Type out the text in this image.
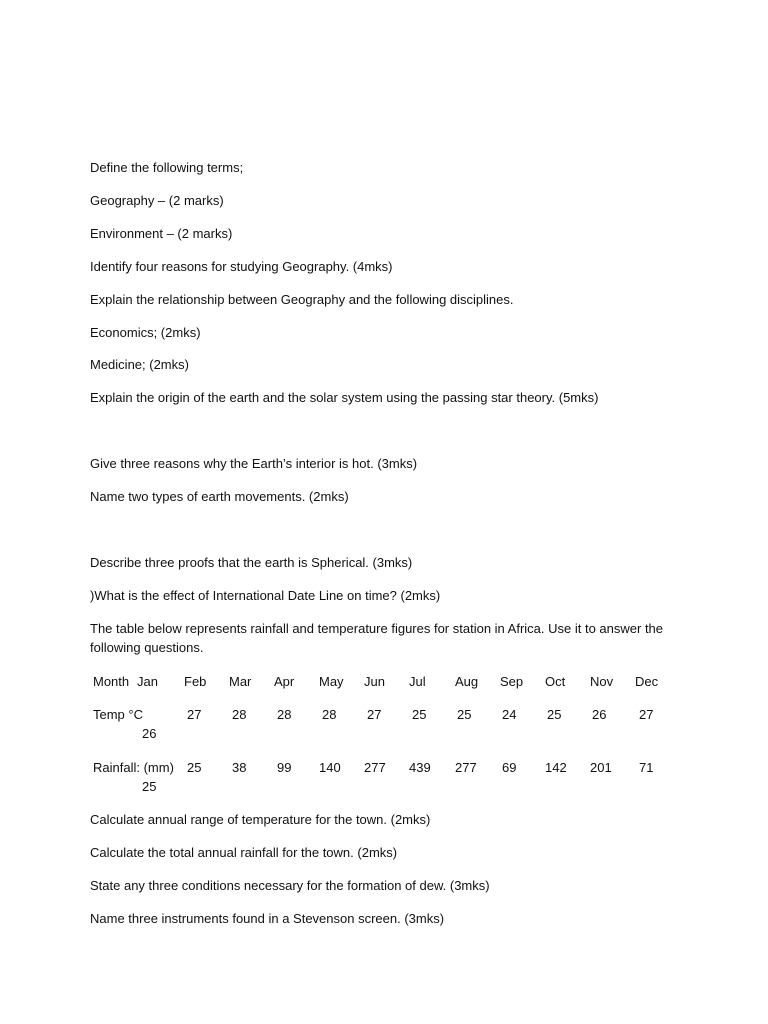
Define the following terms;
Geography – (2 marks)
Environment – (2 marks)
Identify four reasons for studying Geography. (4mks)
Explain the relationship between Geography and the following disciplines.
Economics; (2mks)
Medicine; (2mks)
Explain the origin of the earth and the solar system using the passing star theory. (5mks)
Give three reasons why the Earth’s interior is hot. (3mks)
Name two types of earth movements. (2mks)
Describe three proofs that the earth is Spherical. (3mks)
)What is the effect of International Date Line on time? (2mks)
The table below represents rainfall and temperature figures for station in Africa. Use it to answer the following questions.
Month Jan Feb Mar Apr May Jun Jul Aug Sep Oct Nov Dec
Temp °C
26
27 28 28 28 27 25 25 24 25 26	27
Rainfall: (mm)
25
25 38 99 140 277 439 277 69 142 201 71
Calculate annual range of temperature for the town. (2mks)
Calculate the total annual rainfall for the town. (2mks)
State any three conditions necessary for the formation of dew. (3mks)
Name three instruments found in a Stevenson screen. (3mks)
